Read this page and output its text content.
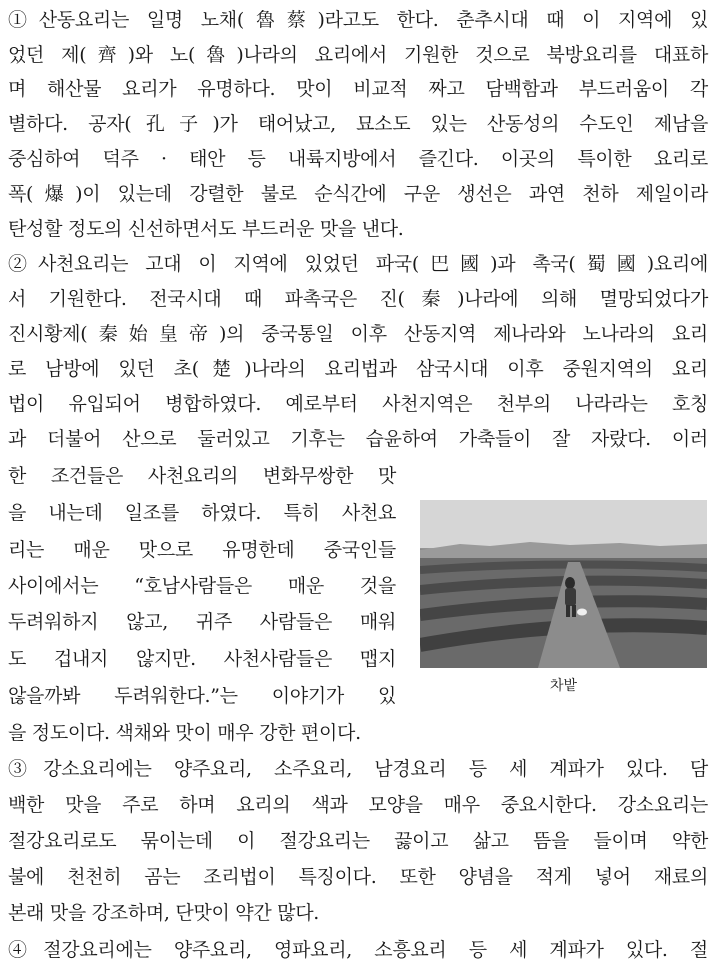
①산동요리는 일명 노채(魯蔡)라고도 한다. 춘추시대 때 이 지역에 있
었던 제(齊)와 노(魯)나라의 요리에서 기원한 것으로 북방요리를 대표하
며 해산물 요리가 유명하다. 맛이 비교적 짜고 담백함과 부드러움이 각
별하다. 공자(孔子)가 태어났고, 묘소도 있는 산동성의 수도인 제남을
중심하여 덕주 · 태안 등 내륙지방에서 즐긴다. 이곳의 특이한 요리로
폭(爆)이 있는데 강렬한 불로 순식간에 구운 생선은 과연 천하 제일이라
탄성할 정도의 신선하면서도 부드러운 맛을 낸다.
②사천요리는 고대 이 지역에 있었던 파국(巴國)과 촉국(蜀國)요리에
서 기원한다. 전국시대 때 파촉국은 진(秦)나라에 의해 멸망되었다가
진시황제(秦始皇帝)의 중국통일 이후 산동지역 제나라와 노나라의 요리
로 남방에 있던 초(楚)나라의 요리법과 삼국시대 이후 중원지역의 요리
법이 유입되어 병합하였다. 예로부터 사천지역은 천부의 나라라는 호칭
과 더불어 산으로 둘러있고 기후는 습윤하여 가축들이 잘 자랐다. 이러
한 조건들은 사천요리의 변화무쌍한 맛
을 내는데 일조를 하였다. 특히 사천요
리는 매운 맛으로 유명한데 중국인들
사이에서는 “호남사람들은 매운 것을
두려워하지 않고, 귀주 사람들은 매워
도 겁내지 않지만. 사천사람들은 맵지
않을까봐 두려워한다.”는 이야기가 있
을 정도이다. 색채와 맛이 매우 강한 편이다.
③강소요리에는 양주요리, 소주요리, 남경요리 등 세 계파가 있다. 담
백한 맛을 주로 하며 요리의 색과 모양을 매우 중요시한다. 강소요리는
절강요리로도 묶이는데 이 절강요리는 끓이고 삶고 뜸을 들이며 약한
불에 천천히 곰는 조리법이 특징이다. 또한 양념을 적게 넣어 재료의
본래 맛을 강조하며, 단맛이 약간 많다.
④절강요리에는 양주요리, 영파요리, 소흥요리 등 세 계파가 있다. 절
차밭
